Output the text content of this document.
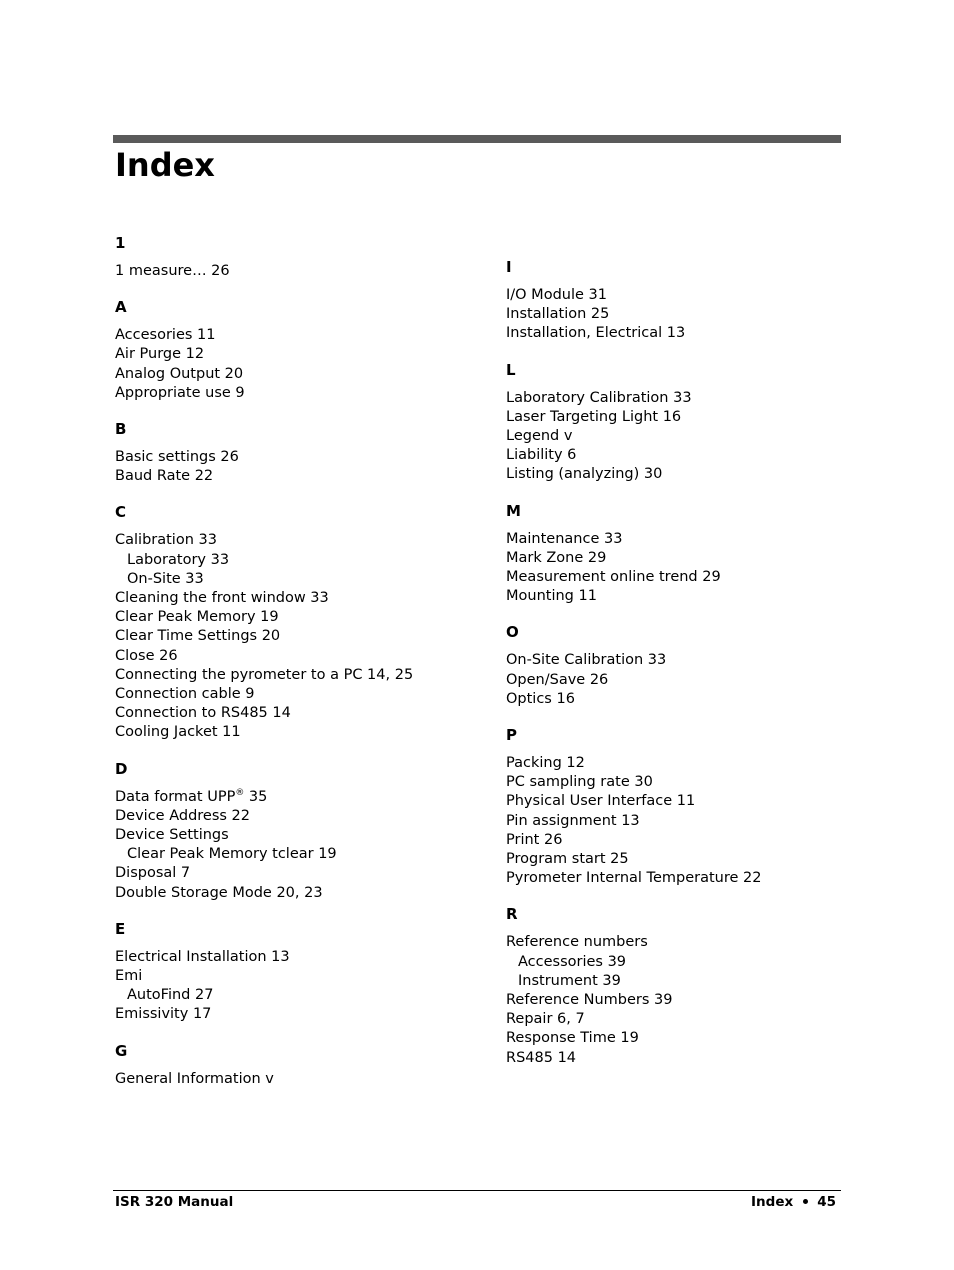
Index
1
1 measure… 26
A
Accesories 11
Air Purge 12
Analog Output 20
Appropriate use 9
B
Basic settings 26
Baud Rate 22
C
Calibration 33
Laboratory 33
On-Site 33
Cleaning the front window 33
Clear Peak Memory 19
Clear Time Settings 20
Close 26
Connecting the pyrometer to a PC 14, 25
Connection cable 9
Connection to RS485 14
Cooling Jacket 11
D
Data format UPP® 35
Device Address 22
Device Settings
Clear Peak Memory tclear 19
Disposal 7
Double Storage Mode 20, 23
E
Electrical Installation 13
Emi
AutoFind 27
Emissivity 17
G
General Information v
I
I/O Module 31
Installation 25
Installation, Electrical 13
L
Laboratory Calibration 33
Laser Targeting Light 16
Legend v
Liability 6
Listing (analyzing) 30
M
Maintenance 33
Mark Zone 29
Measurement online trend 29
Mounting 11
O
On-Site Calibration 33
Open/Save 26
Optics 16
P
Packing 12
PC sampling rate 30
Physical User Interface 11
Pin assignment 13
Print 26
Program start 25
Pyrometer Internal Temperature 22
R
Reference numbers
Accessories 39
Instrument 39
Reference Numbers 39
Repair 6, 7
Response Time 19
RS485 14
ISR 320 Manual	Index 45
